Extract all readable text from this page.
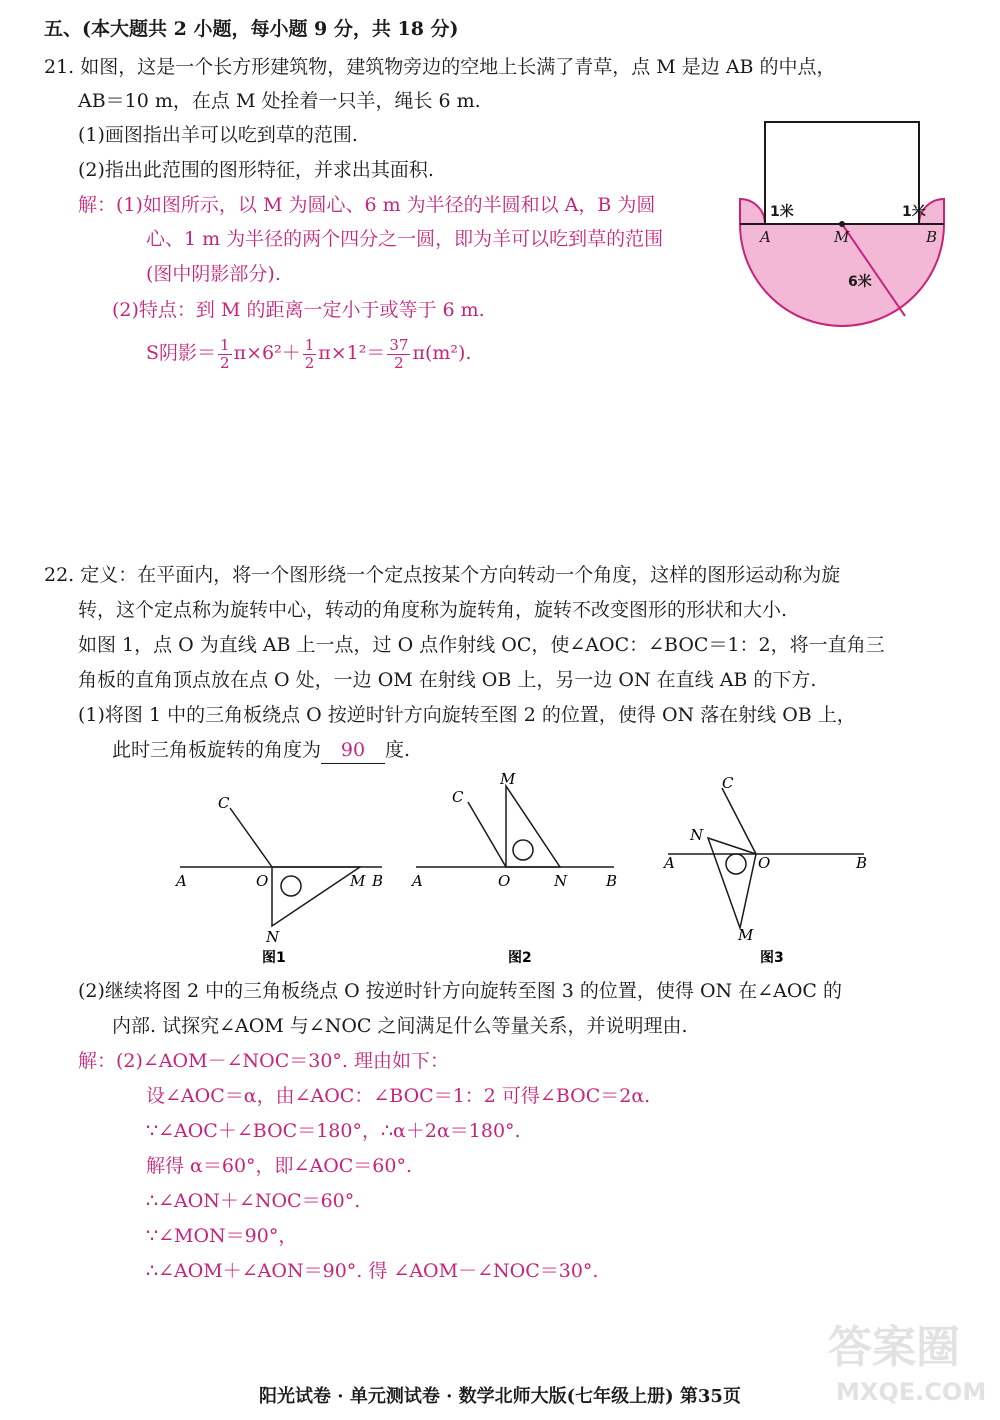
五、(本大题共 2 小题，每小题 9 分，共 18 分)
21. 如图，这是一个长方形建筑物，建筑物旁边的空地上长满了青草，点 M 是边 AB 的中点，
AB＝10 m，在点 M 处拴着一只羊，绳长 6 m.
(1)画图指出羊可以吃到草的范围.
(2)指出此范围的图形特征，并求出其面积.
解：(1)如图所示，以 M 为圆心、6 m 为半径的半圆和以 A，B 为圆
心、1 m 为半径的两个四分之一圆，即为羊可以吃到草的范围
(图中阴影部分).
(2)特点：到 M 的距离一定小于或等于 6 m.
S阴影＝ $\frac{1}{2} \pi\times 6^2+ \frac{1}{2} \pi\times 1^2= \frac{37}{2} \pi(m^2)$.
1米	1米
A	M	B
6米
22. 定义：在平面内，将一个图形绕一个定点按某个方向转动一个角度，这样的图形运动称为旋
转，这个定点称为旋转中心，转动的角度称为旋转角，旋转不改变图形的形状和大小.
如图 1，点 O 为直线 AB 上一点，过 O 点作射线 OC，使∠AOC：∠BOC＝1：2，将一直角三
角板的直角顶点放在点 O 处，一边 OM 在射线 OB 上，另一边 ON 在直线 AB 的下方.
(1)将图 1 中的三角板绕点 O 按逆时针方向旋转至图 2 的位置，使得 ON 落在射线 OB 上，
此时三角板旋转的角度为 90 度.
C
A	O	M B
N
图1
M
C
A	O	N	B
图2
C
N
A	O	B
M
图3
(2)继续将图 2 中的三角板绕点 O 按逆时针方向旋转至图 3 的位置，使得 ON 在∠AOC 的
内部. 试探究∠AOM 与∠NOC 之间满足什么等量关系，并说明理由.
解：(2)∠AOM－∠NOC＝30°. 理由如下：
设∠AOC＝α，由∠AOC：∠BOC＝1：2 可得∠BOC＝2α.
∵∠AOC＋∠BOC＝180°，∴α＋2α＝180°.
解得 α＝60°，即∠AOC＝60°.
∴∠AON＋∠NOC＝60°.
∵∠MON＝90°，
∴∠AOM＋∠AON＝90°. 得 ∠AOM－∠NOC＝30°.
答案圈
MXQE.COM
阳光试卷 · 单元测试卷 · 数学北师大版(七年级上册) 第35页
